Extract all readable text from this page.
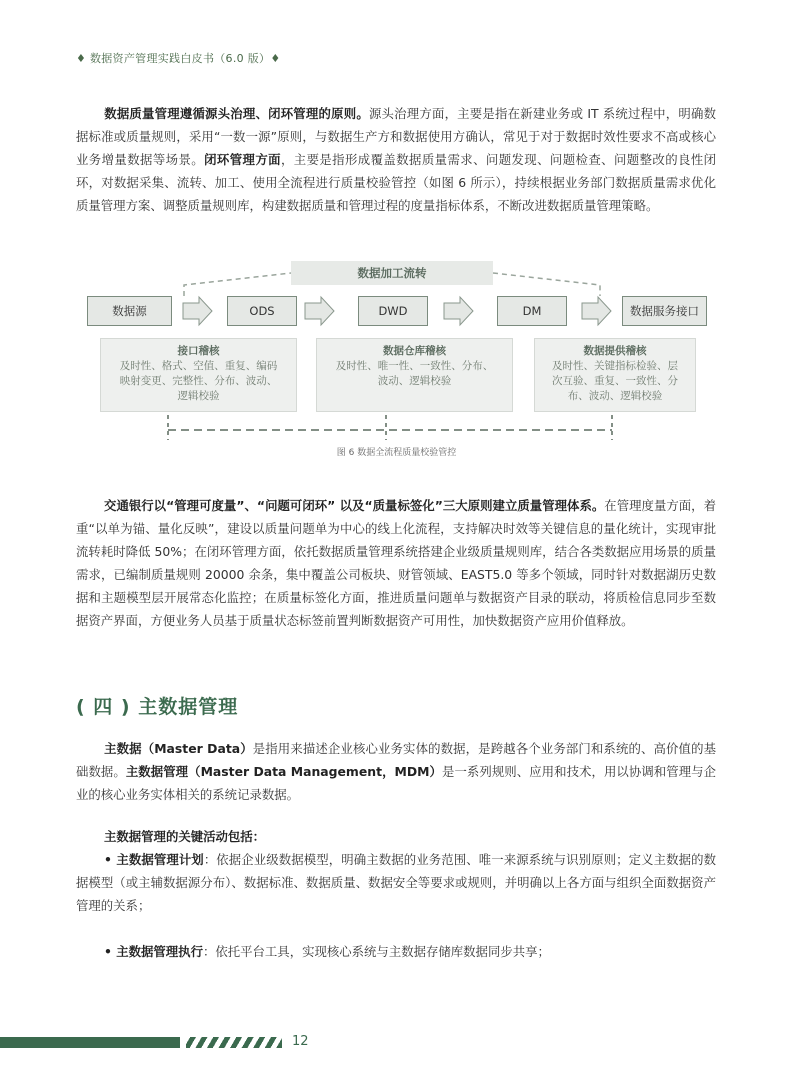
♦ 数据资产管理实践白皮书（6.0 版）♦
数据质量管理遵循源头治理、闭环管理的原则。源头治理方面，主要是指在新建业务或 IT 系统过程中，明确数据标准或质量规则，采用“一数一源”原则，与数据生产方和数据使用方确认，常见于对于数据时效性要求不高或核心业务增量数据等场景。闭环管理方面，主要是指形成覆盖数据质量需求、问题发现、问题检查、问题整改的良性闭环，对数据采集、流转、加工、使用全流程进行质量校验管控（如图 6 所示），持续根据业务部门数据质量需求优化质量管理方案、调整质量规则库，构建数据质量和管理过程的度量指标体系，不断改进数据质量管理策略。
数据加工流转
数据源	ODS	DWD	DM	数据服务接口
接口稽核
及时性、格式、空值、重复、编码
映射变更、完整性、分布、波动、
逻辑校验
数据仓库稽核
及时性、唯一性、一致性、分布、
波动、逻辑校验
数据提供稽核
及时性、关键指标检验、层
次互验、重复、一致性、分
布、波动、逻辑校验
图 6 数据全流程质量校验管控
交通银行以“管理可度量”、“问题可闭环” 以及“质量标签化”三大原则建立质量管理体系。在管理度量方面，着重“以单为锚、量化反映”，建设以质量问题单为中心的线上化流程，支持解决时效等关键信息的量化统计，实现审批流转耗时降低 50%；在闭环管理方面，依托数据质量管理系统搭建企业级质量规则库，结合各类数据应用场景的质量需求，已编制质量规则 20000 余条，集中覆盖公司板块、财管领域、EAST5.0 等多个领域，同时针对数据湖历史数据和主题模型层开展常态化监控；在质量标签化方面，推进质量问题单与数据资产目录的联动，将质检信息同步至数据资产界面，方便业务人员基于质量状态标签前置判断数据资产可用性，加快数据资产应用价值释放。
( 四 ) 主数据管理
主数据（Master Data）是指用来描述企业核心业务实体的数据，是跨越各个业务部门和系统的、高价值的基础数据。主数据管理（Master Data Management，MDM）是一系列规则、应用和技术，用以协调和管理与企业的核心业务实体相关的系统记录数据。
主数据管理的关键活动包括：
• 主数据管理计划：依据企业级数据模型，明确主数据的业务范围、唯一来源系统与识别原则；定义主数据的数据模型（或主辅数据源分布）、数据标准、数据质量、数据安全等要求或规则，并明确以上各方面与组织全面数据资产管理的关系；
• 主数据管理执行：依托平台工具，实现核心系统与主数据存储库数据同步共享；
12
